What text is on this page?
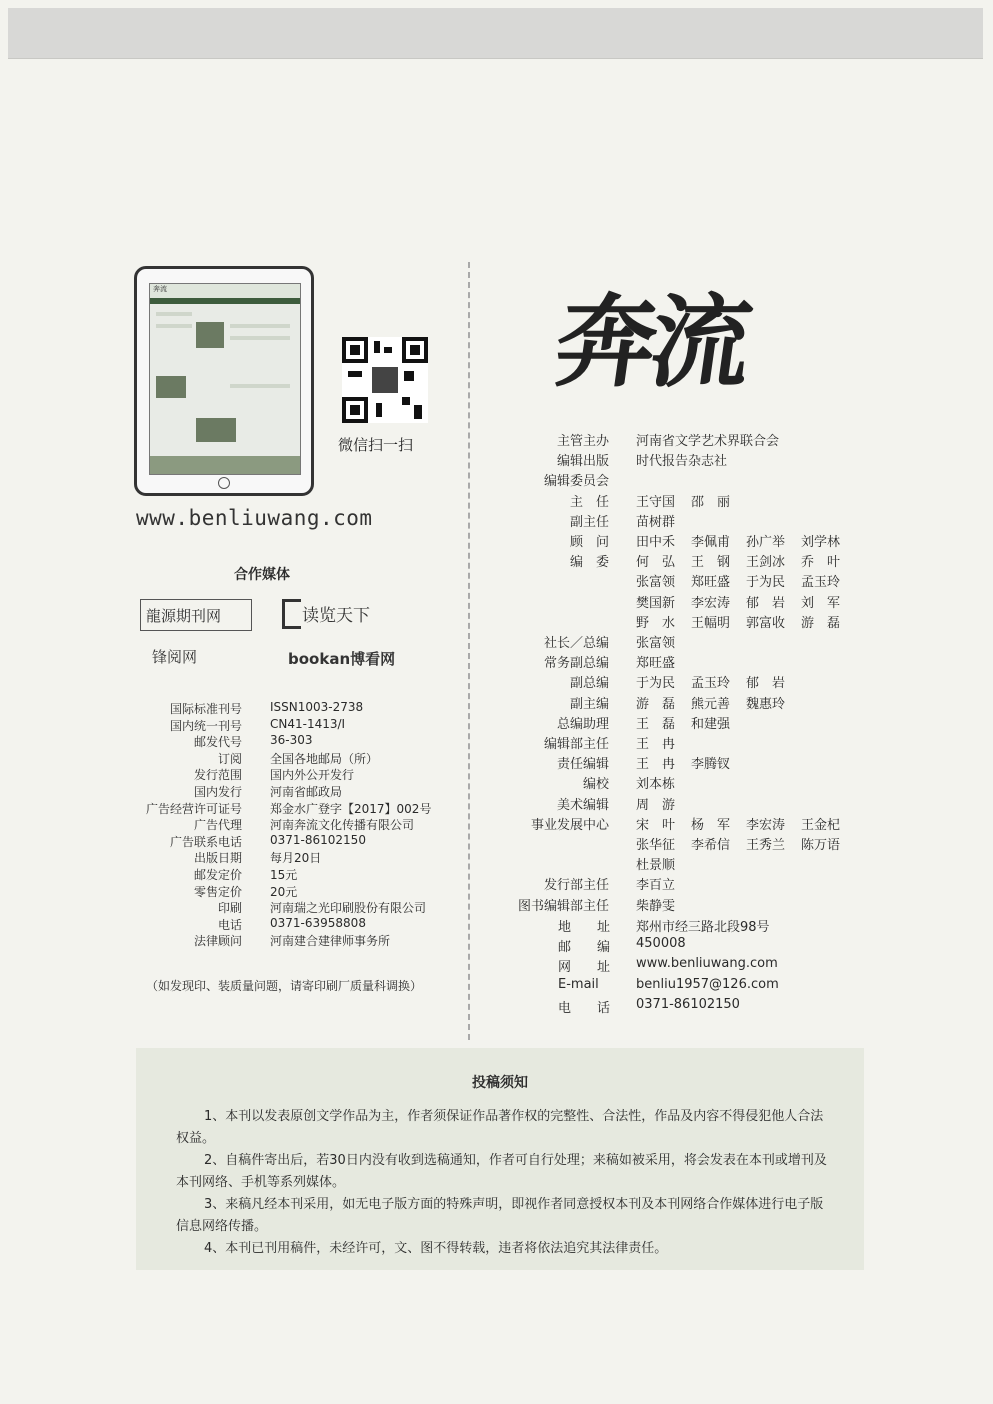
奔流
微信扫一扫
www.benliuwang.com
合作媒体
龍源期刊网	读览天下
锋阅网	bookan博看网
国际标准刊号 ISSN1003-2738
国内统一刊号 CN41-1413/I
邮发代号 36-303
订阅 全国各地邮局（所）
发行范围 国内外公开发行
国内发行 河南省邮政局
广告经营许可证号 郑金水广登字【2017】002号
广告代理 河南奔流文化传播有限公司
广告联系电话 0371-86102150
出版日期 每月20日
邮发定价 15元
零售定价 20元
印刷 河南瑞之光印刷股份有限公司
电话 0371-63958808
法律顾问 河南建合建律师事务所
（如发现印、装质量问题，请寄印刷厂质量科调换）
奔流
主管主办 河南省文学艺术界联合会
编辑出版 时代报告杂志社
编辑委员会
主　任 王守国 邵　丽
副主任 苗树群
顾　问 田中禾 李佩甫 孙广举 刘学林
编　委 何　弘 王　钢 王剑冰 乔　叶
张富领 郑旺盛 于为民 孟玉玲
樊国新 李宏涛 郁　岩 刘　军
野　水 王幅明 郭富收 游　磊
社长／总编 张富领
常务副总编 郑旺盛
副总编 于为民 孟玉玲 郁　岩
副主编 游　磊 熊元善 魏惠玲
总编助理 王　磊 和建强
编辑部主任 王　冉
责任编辑 王　冉 李腾钗
编校 刘本栋
美术编辑 周　游
事业发展中心 宋　叶 杨　军 李宏涛 王金杞
张华征 李希信 王秀兰 陈万语
杜景顺
发行部主任 李百立
图书编辑部主任 柴静雯
地址 郑州市经三路北段98号
邮编 450008
网址 www.benliuwang.com
E-mail	benliu1957@126.com
电话 0371-86102150
投稿须知
1、本刊以发表原创文学作品为主，作者须保证作品著作权的完整性、合法性，作品及内容不得侵犯他人合法权益。
2、自稿件寄出后，若30日内没有收到选稿通知，作者可自行处理；来稿如被采用，将会发表在本刊或增刊及本刊网络、手机等系列媒体。
3、来稿凡经本刊采用，如无电子版方面的特殊声明，即视作者同意授权本刊及本刊网络合作媒体进行电子版信息网络传播。
4、本刊已刊用稿件，未经许可，文、图不得转载，违者将依法追究其法律责任。
